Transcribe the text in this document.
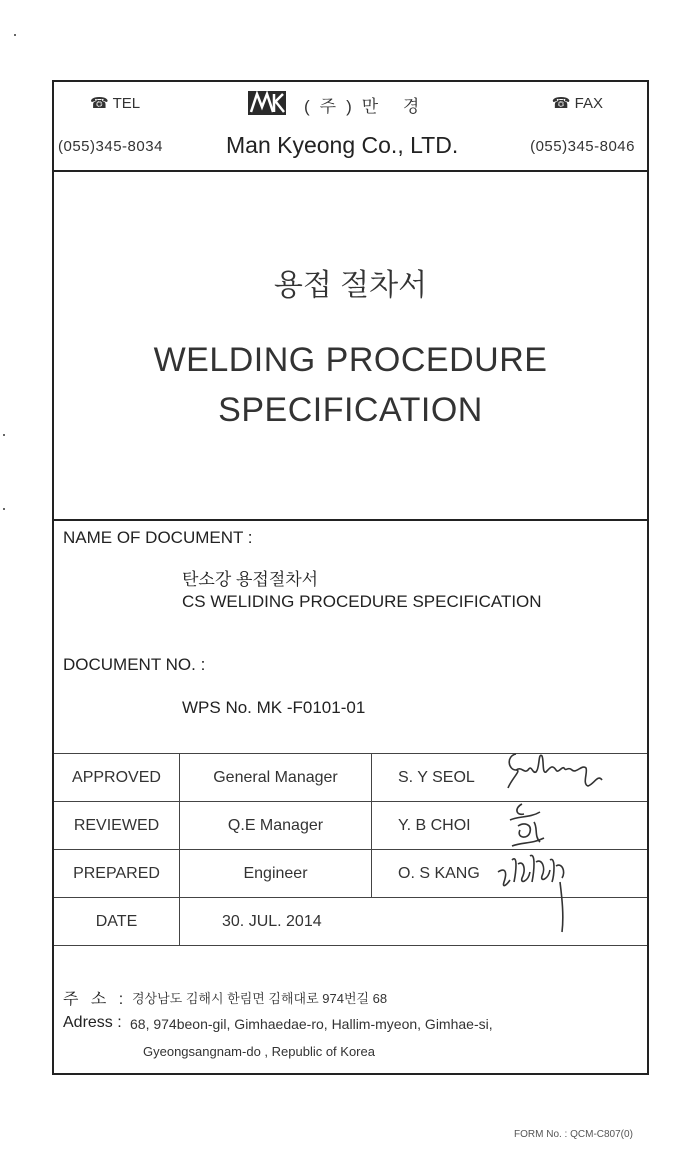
☎ TEL	(주)만 경	☎ FAX
(055)345-8034	Man Kyeong Co., LTD.	(055)345-8046
용접 절차서
WELDING PROCEDURE
SPECIFICATION
NAME OF DOCUMENT :
탄소강 용접절차서
CS WELIDING PROCEDURE SPECIFICATION
DOCUMENT NO. :
WPS No. MK -F0101-01
APPROVED	General Manager	S. Y SEOL

REVIEWED	Q.E Manager	Y. B CHOI

PREPARED	Engineer	O. S KANG

DATE	30. JUL. 2014	
주 소 : 경상남도 김해시 한림면 김해대로 974번길 68
Adress : 68, 974beon-gil, Gimhaedae-ro, Hallim-myeon, Gimhae-si,
Gyeongsangnam-do , Republic of Korea
FORM No. : QCM-C807(0)
